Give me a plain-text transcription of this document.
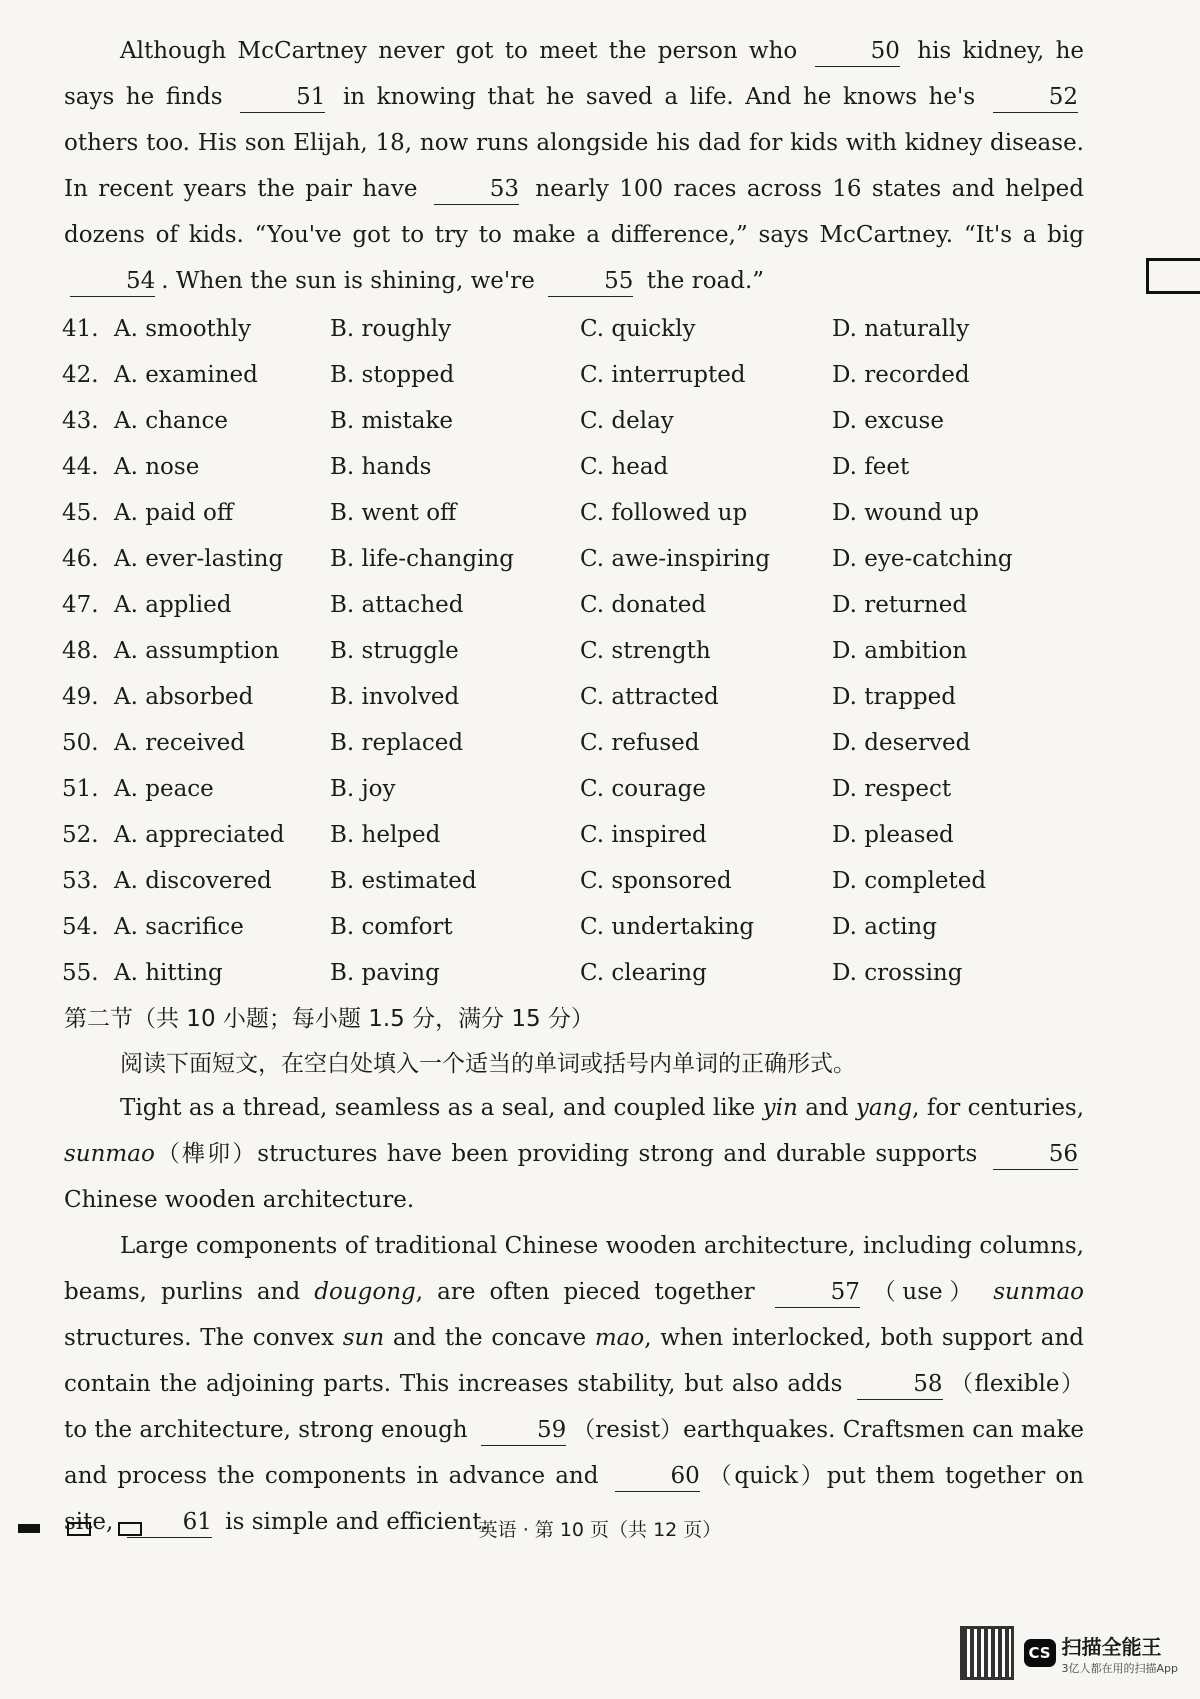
Although McCartney never got to meet the person who	50 his kidney, he says he finds	51 in knowing that he saved a life. And he knows he's	52 others too. His son Elijah, 18, now runs alongside his dad for kids with kidney disease. In recent years the pair have	53 nearly 100 races across 16 states and helped dozens of kids. “You've got to try to make a difference,” says McCartney. “It's a big 54 . When the sun is shining, we're	55 the road.”

41. A. smoothly	B. roughly	C. quickly	D. naturally
42. A. examined	B. stopped	C. interrupted	D. recorded
43. A. chance	B. mistake	C. delay	D. excuse
44. A. nose	B. hands	C. head	D. feet
45. A. paid off	B. went off	C. followed up	D. wound up
46. A. ever-lasting B. life-changing	C. awe-inspiring	D. eye-catching
47. A. applied	B. attached	C. donated	D. returned
48. A. assumption B. struggle	C. strength	D. ambition
49. A. absorbed	B. involved	C. attracted	D. trapped
50. A. received	B. replaced	C. refused	D. deserved
51. A. peace	B. joy	C. courage	D. respect
52. A. appreciated B. helped	C. inspired	D. pleased
53. A. discovered	B. estimated	C. sponsored	D. completed
54. A. sacrifice	B. comfort	C. undertaking	D. acting
55. A. hitting	B. paving	C. clearing	D. crossing
第二节（共 10 小题；每小题 1.5 分，满分 15 分）
阅读下面短文，在空白处填入一个适当的单词或括号内单词的正确形式。

Tight as a thread, seamless as a seal, and coupled like yin and yang, for centuries, sunmao（榫卯）structures have been providing strong and durable supports	56 Chinese wooden architecture.

Large components of traditional Chinese wooden architecture, including columns, beams, purlins and dougong, are often pieced together	57 （use） sunmao structures. The convex sun and the concave mao, when interlocked, both support and contain the adjoining parts. This increases stability, but also adds	58 （flexible）to the architecture, strong enough	59 （resist）earthquakes. Craftsmen can make and process the components in advance and	60 （quick）put them together on site,	61 is simple and efficient.

英语 · 第 10 页（共 12 页）
CS 扫描全能王
3亿人都在用的扫描App
